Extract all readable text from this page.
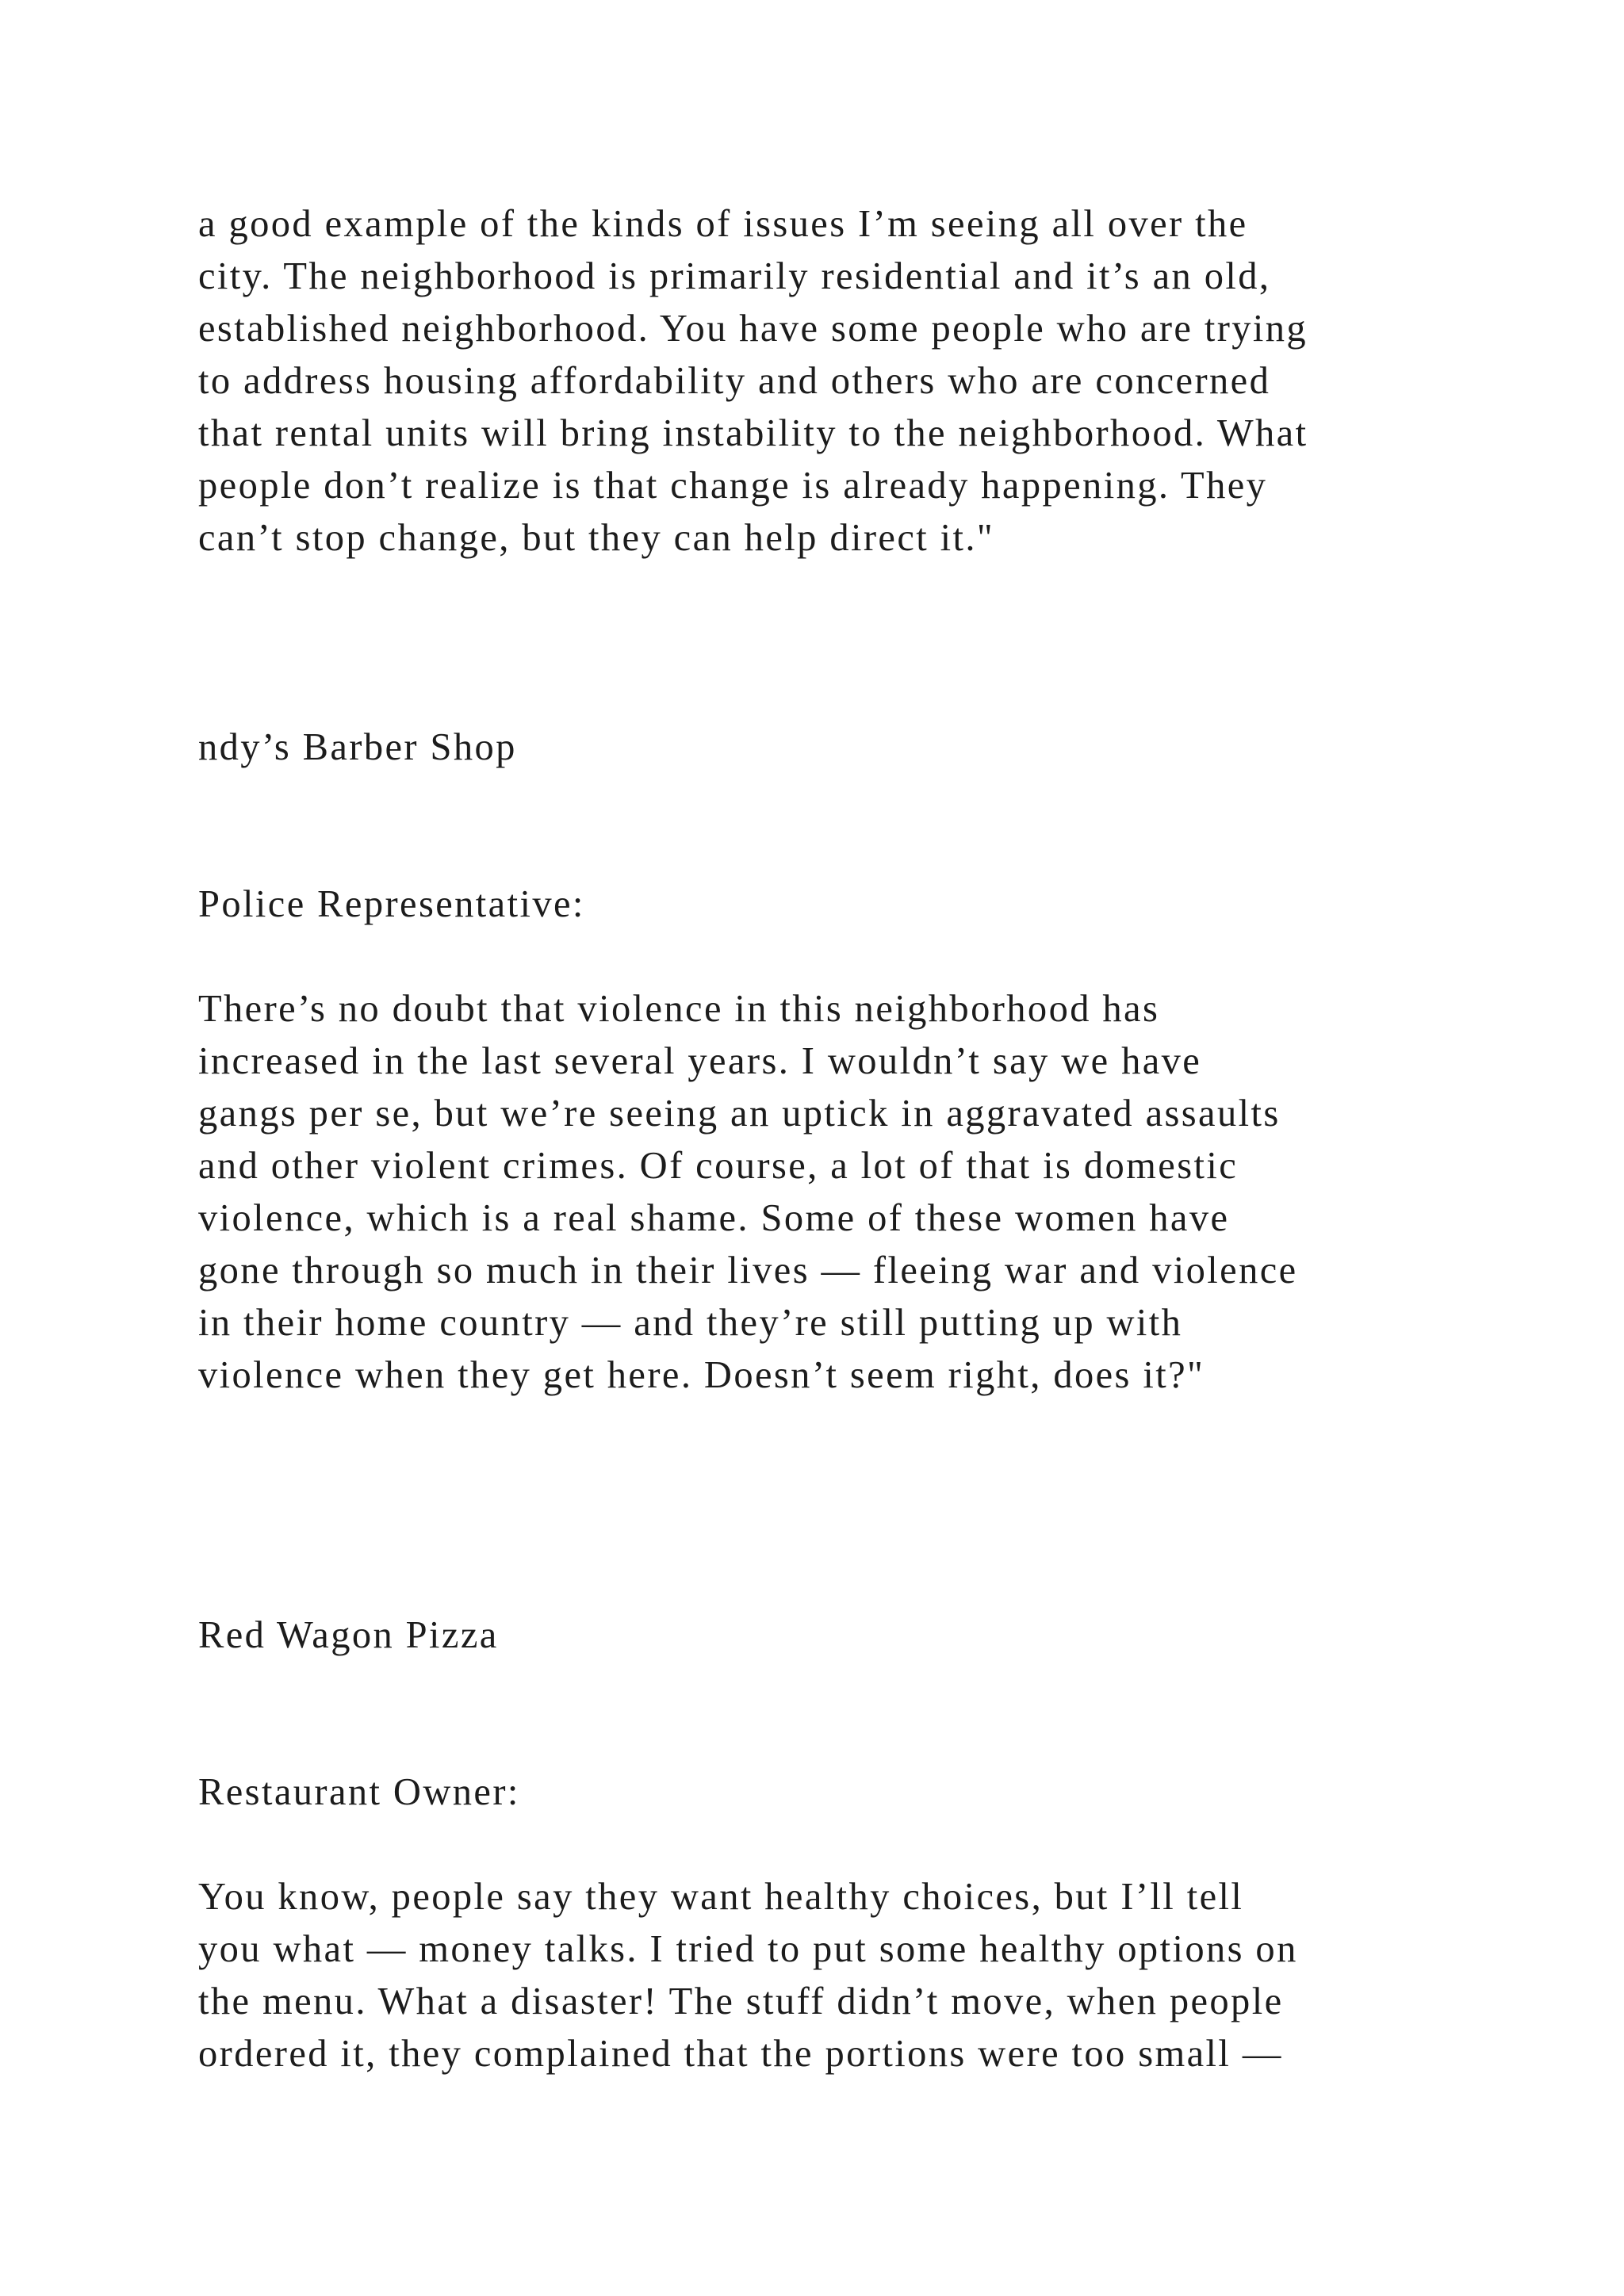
a good example of the kinds of issues I’m seeing all over the
city. The neighborhood is primarily residential and it’s an old,
established neighborhood. You have some people who are trying
to address housing affordability and others who are concerned
that rental units will bring instability to the neighborhood. What
people don’t realize is that change is already happening. They
can’t stop change, but they can help direct it."

ndy’s Barber Shop

Police Representative:

There’s no doubt that violence in this neighborhood has
increased in the last several years. I wouldn’t say we have
gangs per se, but we’re seeing an uptick in aggravated assaults
and other violent crimes. Of course, a lot of that is domestic
violence, which is a real shame. Some of these women have
gone through so much in their lives — fleeing war and violence
in their home country — and they’re still putting up with
violence when they get here. Doesn’t seem right, does it?"

Red Wagon Pizza

Restaurant Owner:

You know, people say they want healthy choices, but I’ll tell
you what — money talks. I tried to put some healthy options on
the menu. What a disaster! The stuff didn’t move, when people
ordered it, they complained that the portions were too small —
